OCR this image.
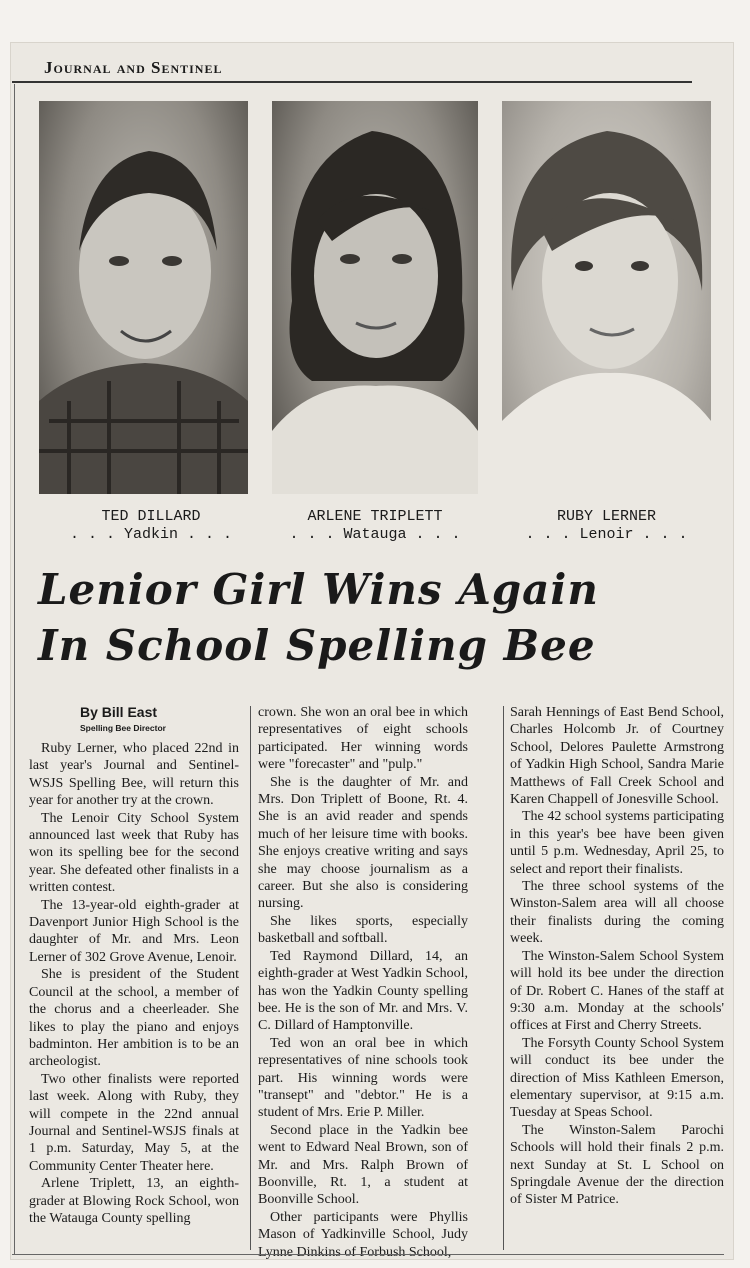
Journal and Sentinel
TED DILLARD
. . . Yadkin . . .
ARLENE TRIPLETT
. . . Watauga . . .
RUBY LERNER
. . . Lenoir . . .
Lenior Girl Wins Again
In School Spelling Bee
By Bill East
Spelling Bee Director

Ruby Lerner, who placed 22nd in last year's Journal and Sentinel-WSJS Spelling Bee, will return this year for another try at the crown.

The Lenoir City School System announced last week that Ruby has won its spelling bee for the second year. She defeated other finalists in a written contest.

The 13-year-old eighth-grader at Davenport Junior High School is the daughter of Mr. and Mrs. Leon Lerner of 302 Grove Avenue, Lenoir.

She is president of the Student Council at the school, a member of the chorus and a cheerleader. She likes to play the piano and enjoys badminton. Her ambition is to be an archeologist.

Two other finalists were reported last week. Along with Ruby, they will compete in the 22nd annual Journal and Sentinel-WSJS finals at 1 p.m. Saturday, May 5, at the Community Center Theater here.

Arlene Triplett, 13, an eighth-grader at Blowing Rock School, won the Watauga County spelling

crown. She won an oral bee in which representatives of eight schools participated. Her winning words were "forecaster" and "pulp."

She is the daughter of Mr. and Mrs. Don Triplett of Boone, Rt. 4. She is an avid reader and spends much of her leisure time with books. She enjoys creative writing and says she may choose journalism as a career. But she also is considering nursing.

She likes sports, especially basketball and softball.

Ted Raymond Dillard, 14, an eighth-grader at West Yadkin School, has won the Yadkin County spelling bee. He is the son of Mr. and Mrs. V. C. Dillard of Hamptonville.

Ted won an oral bee in which representatives of nine schools took part. His winning words were "transept" and "debtor." He is a student of Mrs. Erie P. Miller.

Second place in the Yadkin bee went to Edward Neal Brown, son of Mr. and Mrs. Ralph Brown of Boonville, Rt. 1, a student at Boonville School.

Other participants were Phyllis Mason of Yadkinville School, Judy Lynne Dinkins of Forbush School,

Sarah Hennings of East Bend School, Charles Holcomb Jr. of Courtney School, Delores Paulette Armstrong of Yadkin High School, Sandra Marie Matthews of Fall Creek School and Karen Chappell of Jonesville School.

The 42 school systems participating in this year's bee have been given until 5 p.m. Wednesday, April 25, to select and report their finalists.

The three school systems of the Winston-Salem area will all choose their finalists during the coming week.

The Winston-Salem School System will hold its bee under the direction of Dr. Robert C. Hanes of the staff at 9:30 a.m. Monday at the schools' offices at First and Cherry Streets.

The Forsyth County School System will conduct its bee under the direction of Miss Kathleen Emerson, elementary supervisor, at 9:15 a.m. Tuesday at Speas School.

The Winston-Salem Parochi Schools will hold their finals 2 p.m. next Sunday at St. L School on Springdale Avenue der the direction of Sister M Patrice.
